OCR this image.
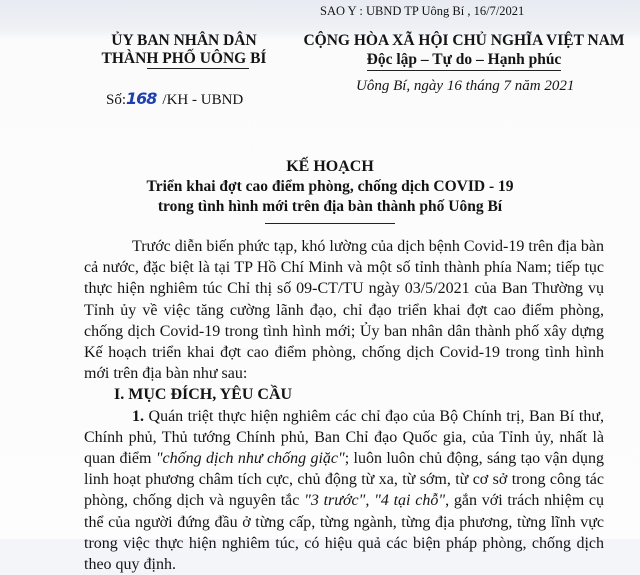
SAO Y : UBND TP Uông Bí , 16/7/2021
ỦY BAN NHÂN DÂN
THÀNH PHỐ UÔNG BÍ
Số:168 /KH - UBND
CỘNG HÒA XÃ HỘI CHỦ NGHĨA VIỆT NAM
Độc lập – Tự do – Hạnh phúc
Uông Bí, ngày 16 tháng 7 năm 2021
KẾ HOẠCH
Triển khai đợt cao điểm phòng, chống dịch COVID - 19
trong tình hình mới trên địa bàn thành phố Uông Bí

Trước diễn biến phức tạp, khó lường của dịch bệnh Covid-19 trên địa bàn cả nước, đặc biệt là tại TP Hồ Chí Minh và một số tỉnh thành phía Nam; tiếp tục thực hiện nghiêm túc Chỉ thị số 09-CT/TU ngày 03/5/2021 của Ban Thường vụ Tỉnh ủy về việc tăng cường lãnh đạo, chỉ đạo triển khai đợt cao điểm phòng, chống dịch Covid-19 trong tình hình mới; Ủy ban nhân dân thành phố xây dựng Kế hoạch triển khai đợt cao điểm phòng, chống dịch Covid-19 trong tình hình mới trên địa bàn như sau:

I. MỤC ĐÍCH, YÊU CẦU

1. Quán triệt thực hiện nghiêm các chỉ đạo của Bộ Chính trị, Ban Bí thư, Chính phủ, Thủ tướng Chính phủ, Ban Chỉ đạo Quốc gia, của Tỉnh ủy, nhất là quan điểm "chống dịch như chống giặc"; luôn luôn chủ động, sáng tạo vận dụng linh hoạt phương châm tích cực, chủ động từ xa, từ sớm, từ cơ sở trong công tác phòng, chống dịch và nguyên tắc "3 trước", "4 tại chỗ", gắn với trách nhiệm cụ thể của người đứng đầu ở từng cấp, từng ngành, từng địa phương, từng lĩnh vực trong việc thực hiện nghiêm túc, có hiệu quả các biện pháp phòng, chống dịch theo quy định.
